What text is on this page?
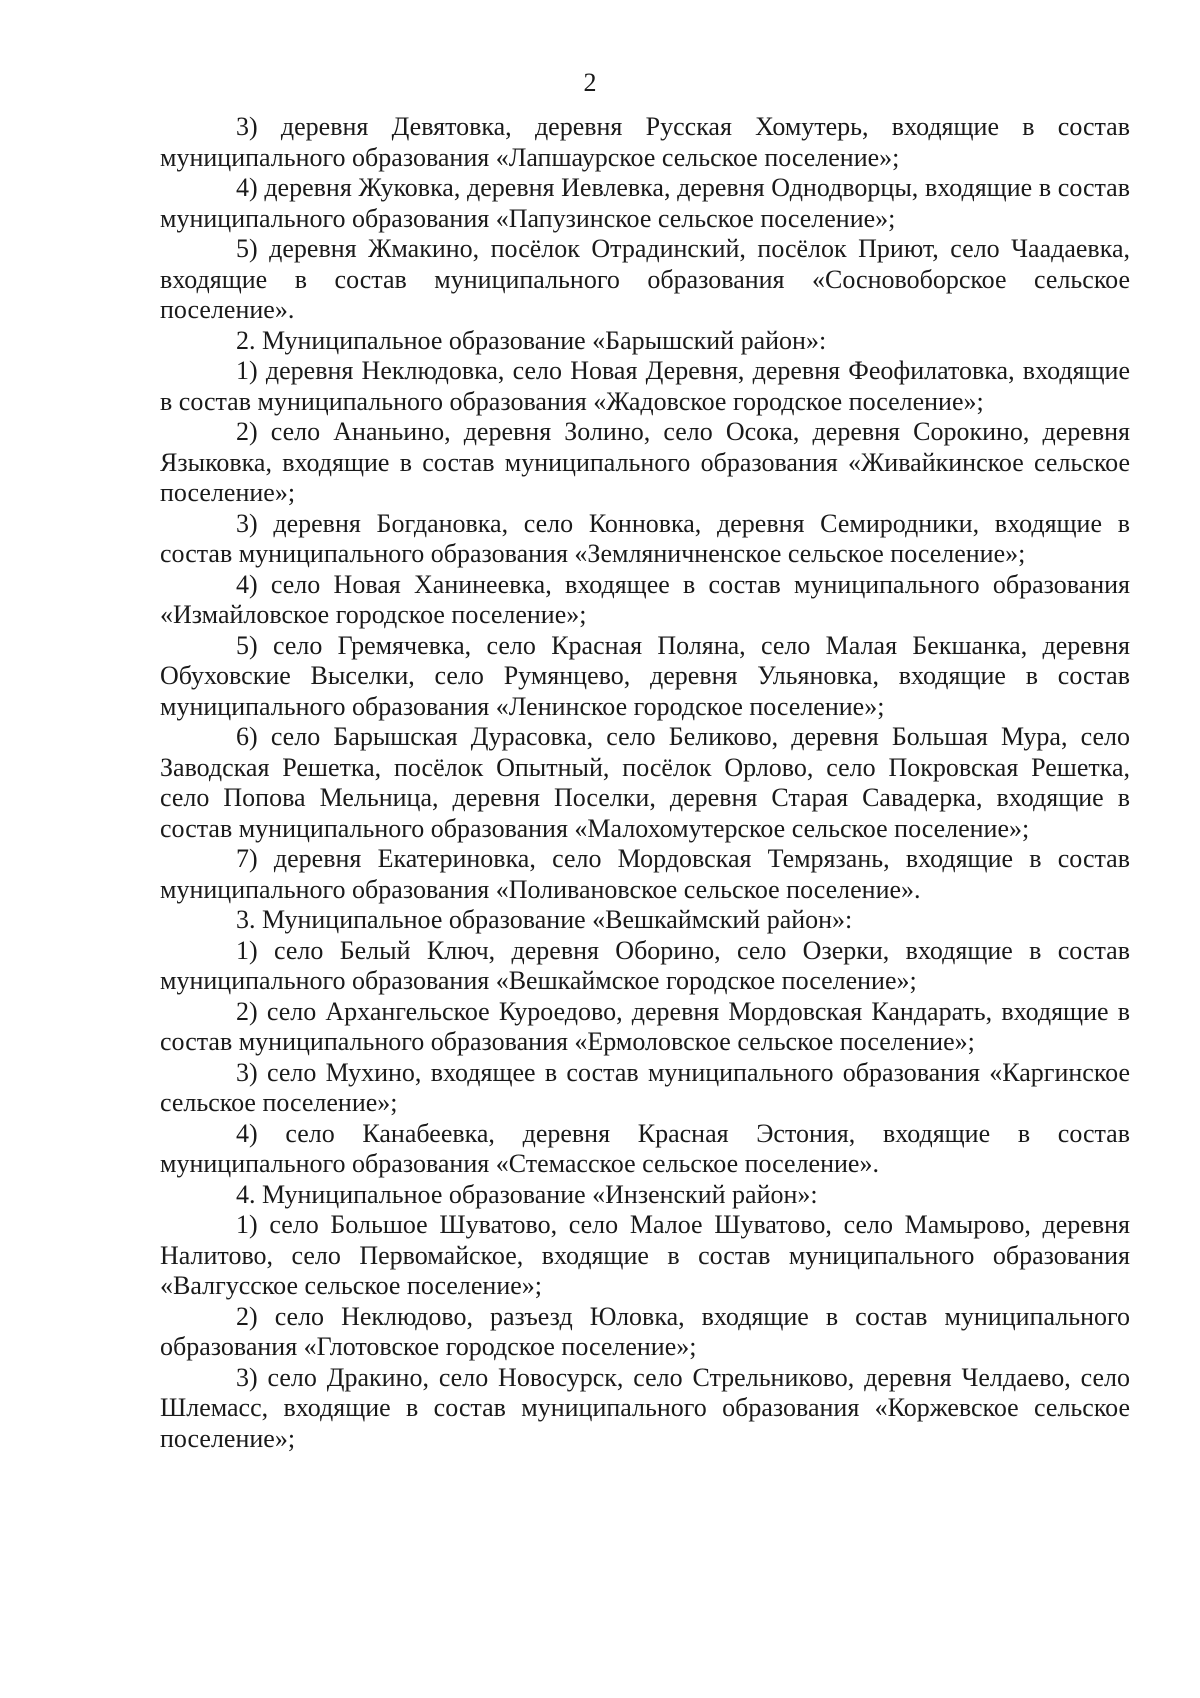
2

3) деревня Девятовка, деревня Русская Хомутерь, входящие в состав муниципального образования «Лапшаурское сельское поселение»;

4) деревня Жуковка, деревня Иевлевка, деревня Однодворцы, входящие в состав муниципального образования «Папузинское сельское поселение»;

5) деревня Жмакино, посёлок Отрадинский, посёлок Приют, село Чаадаевка, входящие в состав муниципального образования «Сосновоборское сельское поселение».

2. Муниципальное образование «Барышский район»:

1) деревня Неклюдовка, село Новая Деревня, деревня Феофилатовка, входящие в состав муниципального образования «Жадовское городское поселение»;

2) село Ананьино, деревня Золино, село Осока, деревня Сорокино, деревня Языковка, входящие в состав муниципального образования «Живайкинское сельское поселение»;

3) деревня Богдановка, село Конновка, деревня Семиродники, входящие в состав муниципального образования «Земляничненское сельское поселение»;

4) село Новая Ханинеевка, входящее в состав муниципального образования «Измайловское городское поселение»;

5) село Гремячевка, село Красная Поляна, село Малая Бекшанка, деревня Обуховские Выселки, село Румянцево, деревня Ульяновка, входящие в состав муниципального образования «Ленинское городское поселение»;

6) село Барышская Дурасовка, село Беликово, деревня Большая Мура, село Заводская Решетка, посёлок Опытный, посёлок Орлово, село Покровская Решетка, село Попова Мельница, деревня Поселки, деревня Старая Савадерка, входящие в состав муниципального образования «Малохомутерское сельское поселение»;

7) деревня Екатериновка, село Мордовская Темрязань, входящие в состав муниципального образования «Поливановское сельское поселение».

3. Муниципальное образование «Вешкаймский район»:

1) село Белый Ключ, деревня Оборино, село Озерки, входящие в состав муниципального образования «Вешкаймское городское поселение»;

2) село Архангельское Куроедово, деревня Мордовская Кандарать, входящие в состав муниципального образования «Ермоловское сельское поселение»;

3) село Мухино, входящее в состав муниципального образования «Каргинское сельское поселение»;

4) село Канабеевка, деревня Красная Эстония, входящие в состав муниципального образования «Стемасское сельское поселение».

4. Муниципальное образование «Инзенский район»:

1) село Большое Шуватово, село Малое Шуватово, село Мамырово, деревня Налитово, село Первомайское, входящие в состав муниципального образования «Валгусское сельское поселение»;

2) село Неклюдово, разъезд Юловка, входящие в состав муниципального образования «Глотовское городское поселение»;

3) село Дракино, село Новосурск, село Стрельниково, деревня Челдаево, село Шлемасс, входящие в состав муниципального образования «Коржевское сельское поселение»;
